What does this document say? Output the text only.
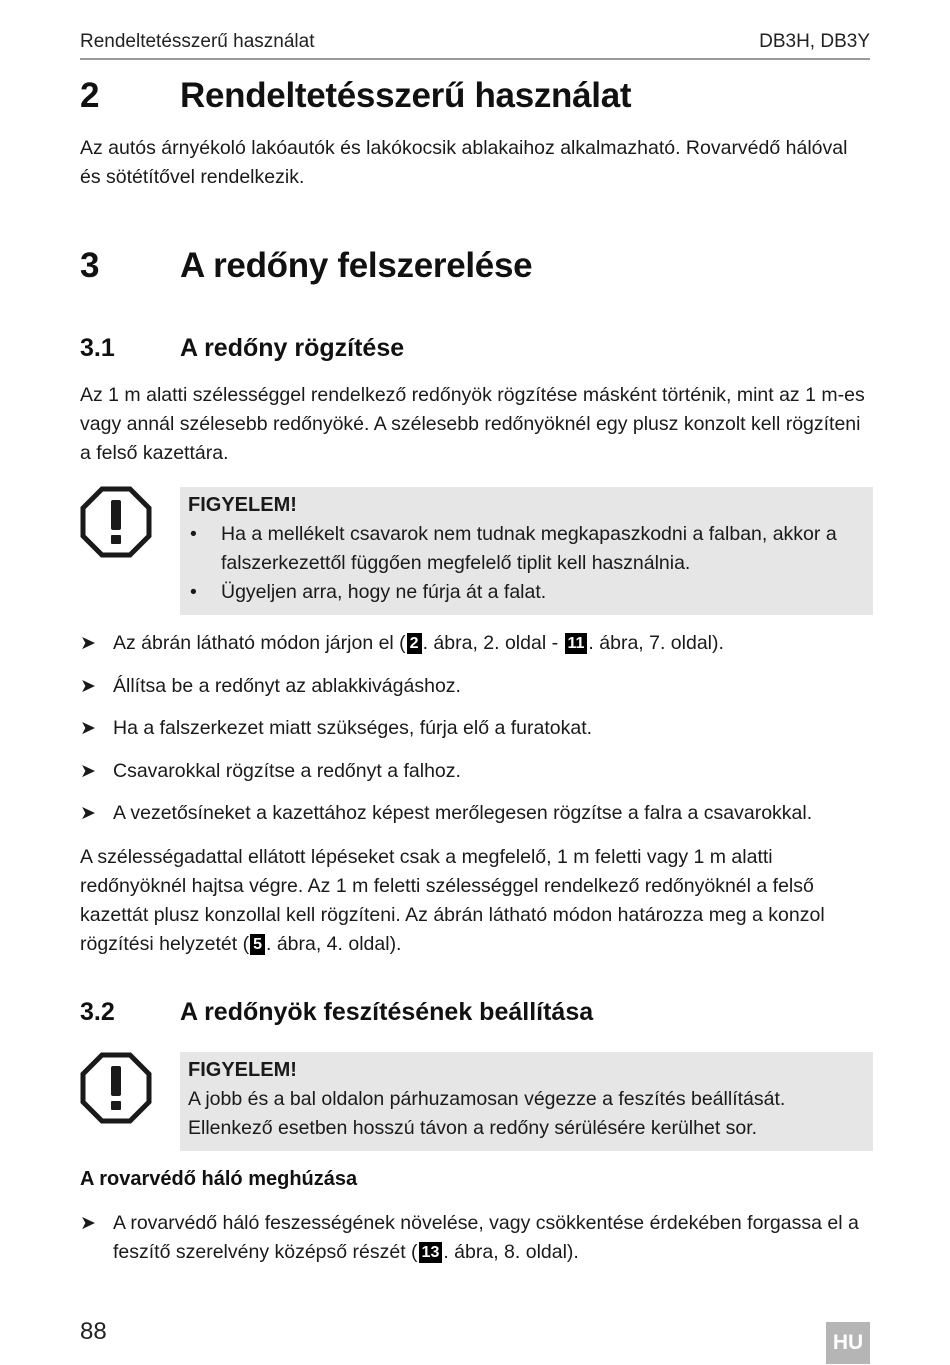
Rendeltetésszerű használat	DB3H, DB3Y
2 Rendeltetésszerű használat
Az autós árnyékoló lakóautók és lakókocsik ablakaihoz alkalmazható. Rovarvédő hálóval és sötétítővel rendelkezik.
3 A redőny felszerelése
3.1	A redőny rögzítése
Az 1 m alatti szélességgel rendelkező redőnyök rögzítése másként történik, mint az 1 m-es vagy annál szélesebb redőnyöké. A szélesebb redőnyöknél egy plusz konzolt kell rögzíteni a felső kazettára.
FIGYELEM!
• Ha a mellékelt csavarok nem tudnak megkapaszkodni a falban, akkor a falszerkezettől függően megfelelő tiplit kell használnia.
• Ügyeljen arra, hogy ne fúrja át a falat.
➤ Az ábrán látható módon járjon el ( 2 . ábra, 2. oldal - 11 . ábra, 7. oldal).
➤ Állítsa be a redőnyt az ablakkivágáshoz.
➤ Ha a falszerkezet miatt szükséges, fúrja elő a furatokat.
➤ Csavarokkal rögzítse a redőnyt a falhoz.
➤ A vezetősíneket a kazettához képest merőlegesen rögzítse a falra a csavarokkal.
A szélességadattal ellátott lépéseket csak a megfelelő, 1 m feletti vagy 1 m alatti redőnyöknél hajtsa végre. Az 1 m feletti szélességgel rendelkező redőnyöknél a felső kazettát plusz konzollal kell rögzíteni. Az ábrán látható módon határozza meg a konzol rögzítési helyzetét ( 5 . ábra, 4. oldal).
3.2	A redőnyök feszítésének beállítása
FIGYELEM!
A jobb és a bal oldalon párhuzamosan végezze a feszítés beállítását. Ellenkező esetben hosszú távon a redőny sérülésére kerülhet sor.
A rovarvédő háló meghúzása
➤ A rovarvédő háló feszességének növelése, vagy csökkentése érdekében forgassa el a feszítő szerelvény középső részét ( 13 . ábra, 8. oldal).
88	HU
